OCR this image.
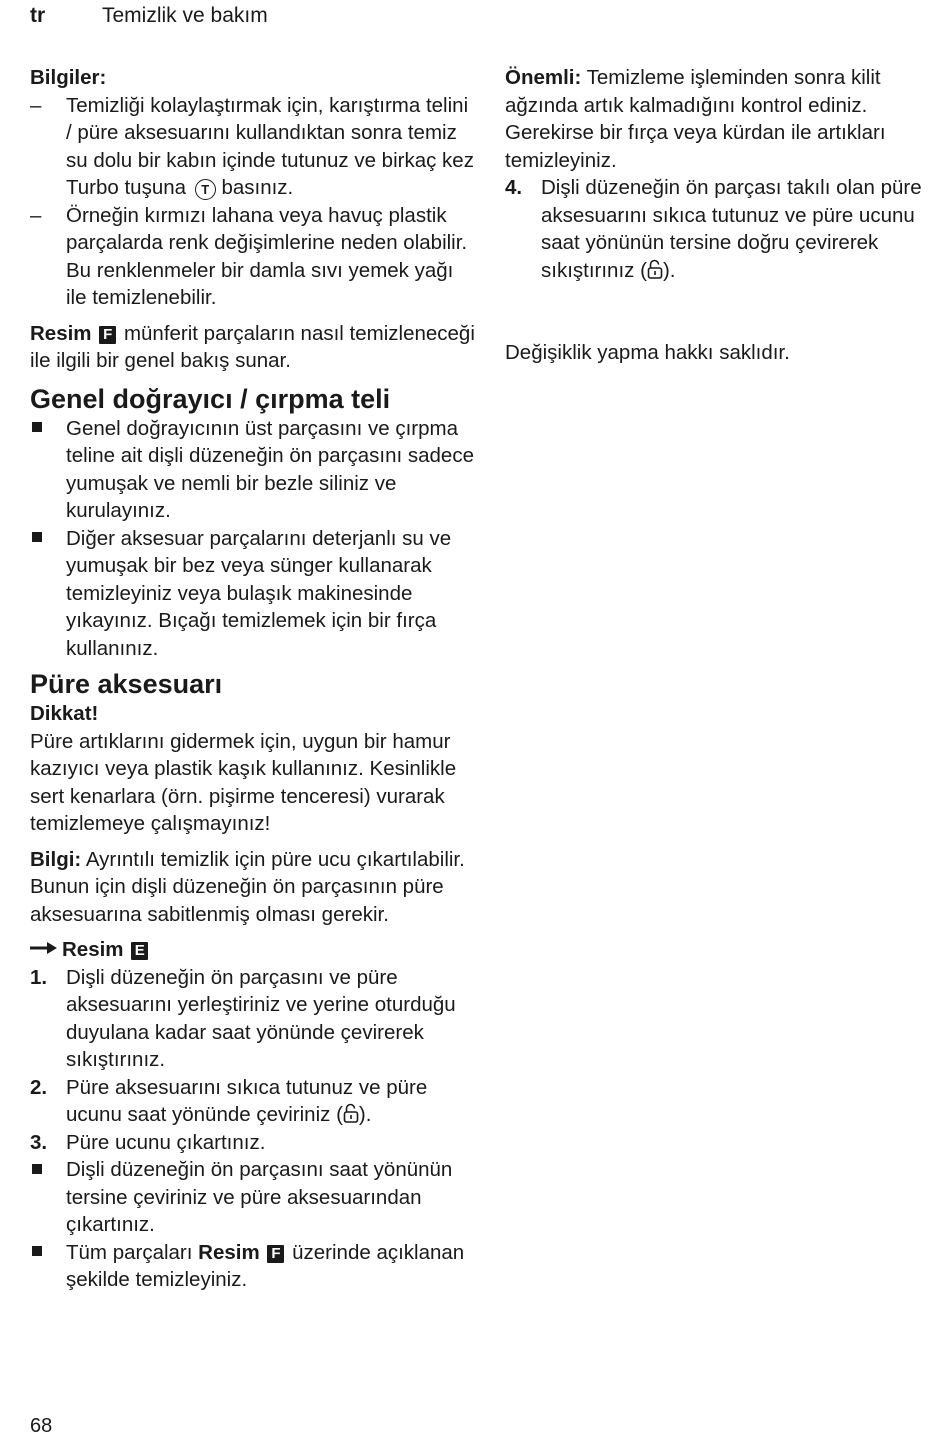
tr	Temizlik ve bakım
Bilgiler:
–	Temizliği kolaylaştırmak için, karıştırma telini / püre aksesuarını kullandıktan sonra temiz su dolu bir kabın içinde tutunuz ve birkaç kez Turbo tuşuna T basınız.
–	Örneğin kırmızı lahana veya havuç plastik parçalarda renk değişimlerine neden olabilir. Bu renklenmeler bir damla sıvı yemek yağı ile temizlenebilir.

Resim F münferit parçaların nasıl temizleneceği ile ilgili bir genel bakış sunar.

Genel doğrayıcı / çırpma teli
Genel doğrayıcının üst parçasını ve çırpma teline ait dişli düzeneğin ön parçasını sadece yumuşak ve nemli bir bezle siliniz ve kurulayınız.
Diğer aksesuar parçalarını deterjanlı su ve yumuşak bir bez veya sünger kullanarak temizleyiniz veya bulaşık makinesinde yıkayınız. Bıçağı temizlemek için bir fırça kullanınız.
Püre aksesuarı
Dikkat!

Püre artıklarını gidermek için, uygun bir hamur kazıyıcı veya plastik kaşık kullanınız. Kesinlikle sert kenarlara (örn. pişirme tenceresi) vurarak temizlemeye çalışmayınız!

Bilgi: Ayrıntılı temizlik için püre ucu çıkartılabilir. Bunun için dişli düzeneğin ön parçasının püre aksesuarına sabitlenmiş olması gerekir.

Resim E
1. Dişli düzeneğin ön parçasını ve püre aksesuarını yerleştiriniz ve yerine oturduğu duyulana kadar saat yönünde çevirerek sıkıştırınız.
2. Püre aksesuarını sıkıca tutunuz ve püre ucunu saat yönünde çeviriniz ( ).
3. Püre ucunu çıkartınız.
Dişli düzeneğin ön parçasını saat yönünün tersine çeviriniz ve püre aksesuarından çıkartınız.
Tüm parçaları Resim F üzerinde açıklanan şekilde temizleyiniz.

Önemli: Temizleme işleminden sonra kilit ağzında artık kalmadığını kontrol ediniz. Gerekirse bir fırça veya kürdan ile artıkları temizleyiniz.

4. Dişli düzeneğin ön parçası takılı olan püre aksesuarını sıkıca tutunuz ve püre ucunu saat yönünün tersine doğru çevirerek sıkıştırınız ( ).
Değişiklik yapma hakkı saklıdır.
68
